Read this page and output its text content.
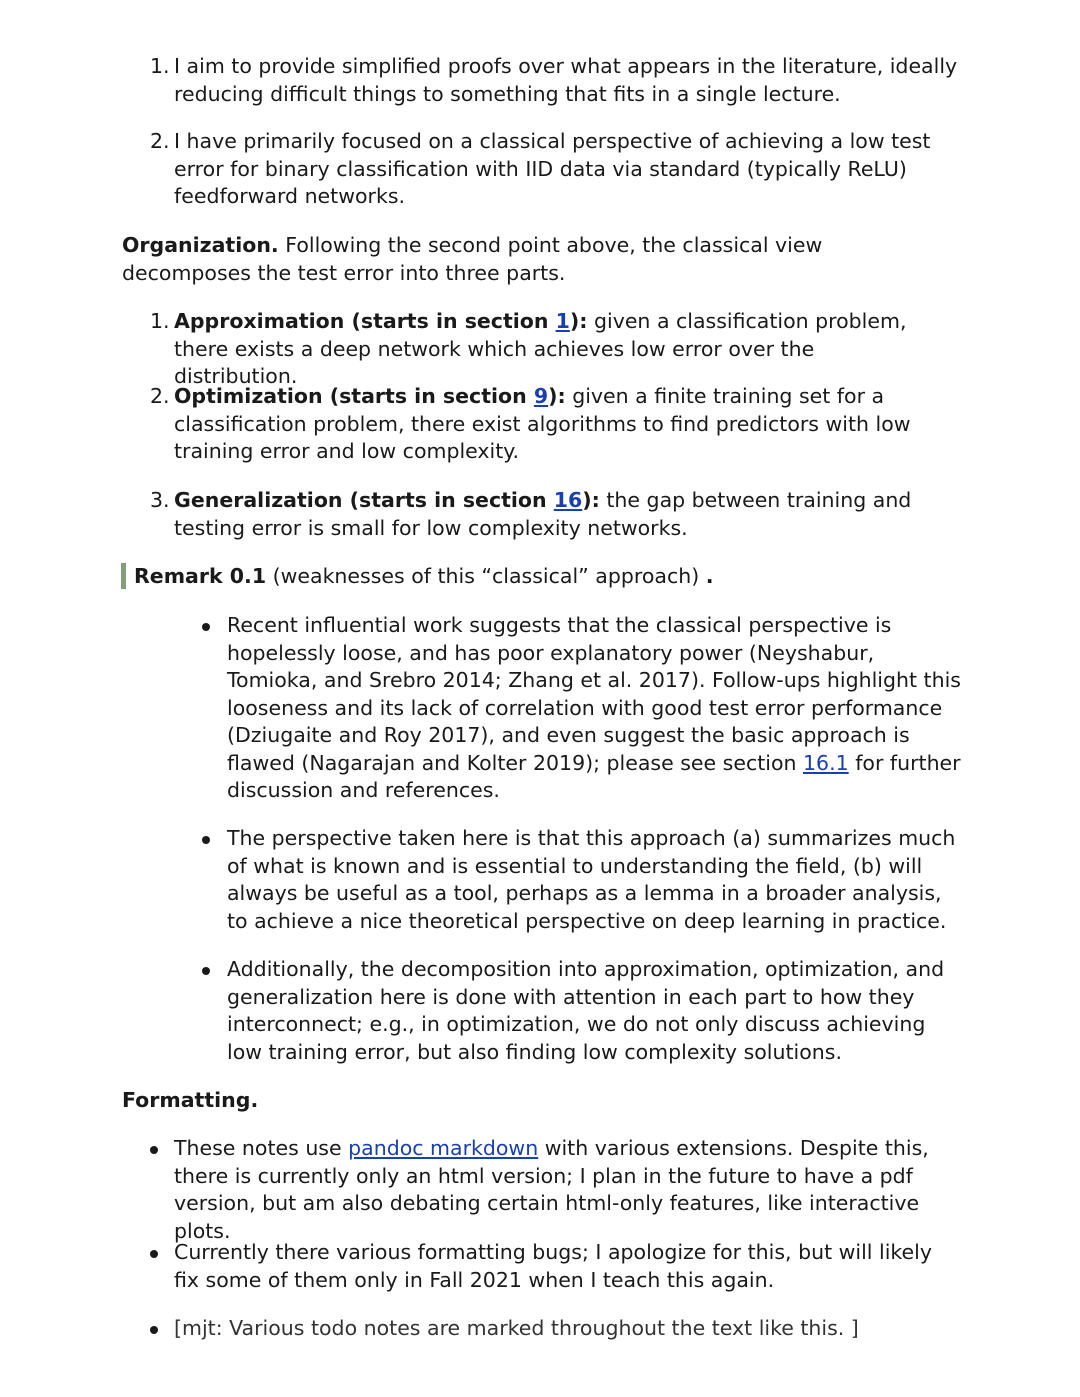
1. I aim to provide simplified proofs over what appears in the literature, ideally reducing difficult things to something that fits in a single lecture.
2. I have primarily focused on a classical perspective of achieving a low test error for binary classification with IID data via standard (typically ReLU) feedforward networks.

Organization. Following the second point above, the classical view decomposes the test error into three parts.

1. Approximation (starts in section 1): given a classification problem, there exists a deep network which achieves low error over the distribution.
2. Optimization (starts in section 9): given a finite training set for a classification problem, there exist algorithms to find predictors with low training error and low complexity.
3. Generalization (starts in section 16): the gap between training and testing error is small for low complexity networks.

Remark 0.1 (weaknesses of this “classical” approach) .

Recent influential work suggests that the classical perspective is hopelessly loose, and has poor explanatory power (Neyshabur, Tomioka, and Srebro 2014; Zhang et al. 2017). Follow-ups highlight this looseness and its lack of correlation with good test error performance (Dziugaite and Roy 2017), and even suggest the basic approach is flawed (Nagarajan and Kolter 2019); please see section 16.1 for further discussion and references.
The perspective taken here is that this approach (a) summarizes much of what is known and is essential to understanding the field, (b) will always be useful as a tool, perhaps as a lemma in a broader analysis, to achieve a nice theoretical perspective on deep learning in practice.
Additionally, the decomposition into approximation, optimization, and generalization here is done with attention in each part to how they interconnect; e.g., in optimization, we do not only discuss achieving low training error, but also finding low complexity solutions.

Formatting.

These notes use pandoc markdown with various extensions. Despite this, there is currently only an html version; I plan in the future to have a pdf version, but am also debating certain html-only features, like interactive plots.
Currently there various formatting bugs; I apologize for this, but will likely fix some of them only in Fall 2021 when I teach this again.
[mjt: Various todo notes are marked throughout the text like this. ]
